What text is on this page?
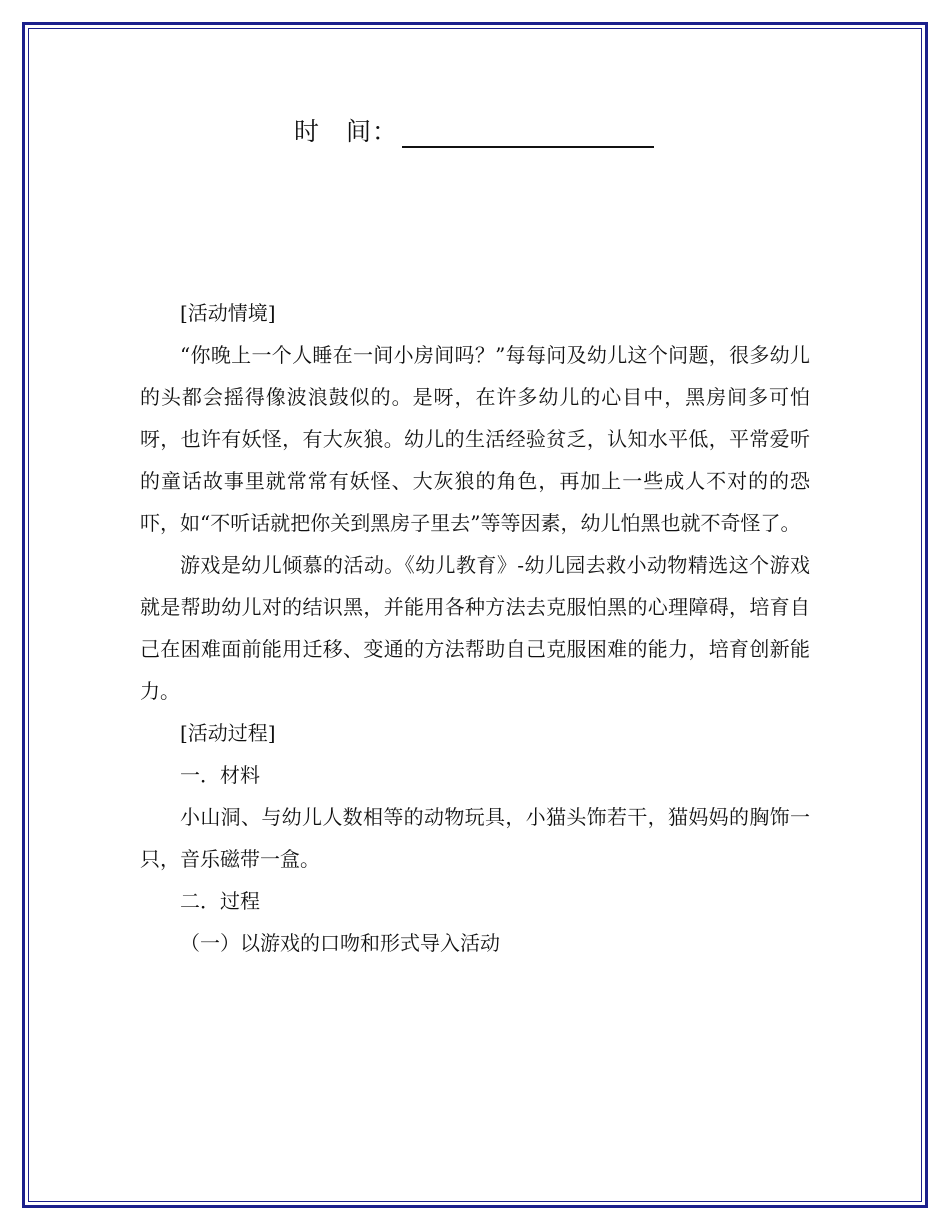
时　间：

[活动情境]

“你晚上一个人睡在一间小房间吗？”每每问及幼儿这个问题，很多幼儿的头都会摇得像波浪鼓似的。是呀，在许多幼儿的心目中，黑房间多可怕呀，也许有妖怪，有大灰狼。幼儿的生活经验贫乏，认知水平低，平常爱听的童话故事里就常常有妖怪、大灰狼的角色，再加上一些成人不对的的恐吓，如“不听话就把你关到黑房子里去”等等因素，幼儿怕黑也就不奇怪了。

游戏是幼儿倾慕的活动。《幼儿教育》-幼儿园去救小动物精选这个游戏就是帮助幼儿对的结识黑，并能用各种方法去克服怕黑的心理障碍，培育自己在困难面前能用迁移、变通的方法帮助自己克服困难的能力，培育创新能力。

[活动过程]

一．材料

小山洞、与幼儿人数相等的动物玩具，小猫头饰若干，猫妈妈的胸饰一只，音乐磁带一盒。

二．过程

（一）以游戏的口吻和形式导入活动
